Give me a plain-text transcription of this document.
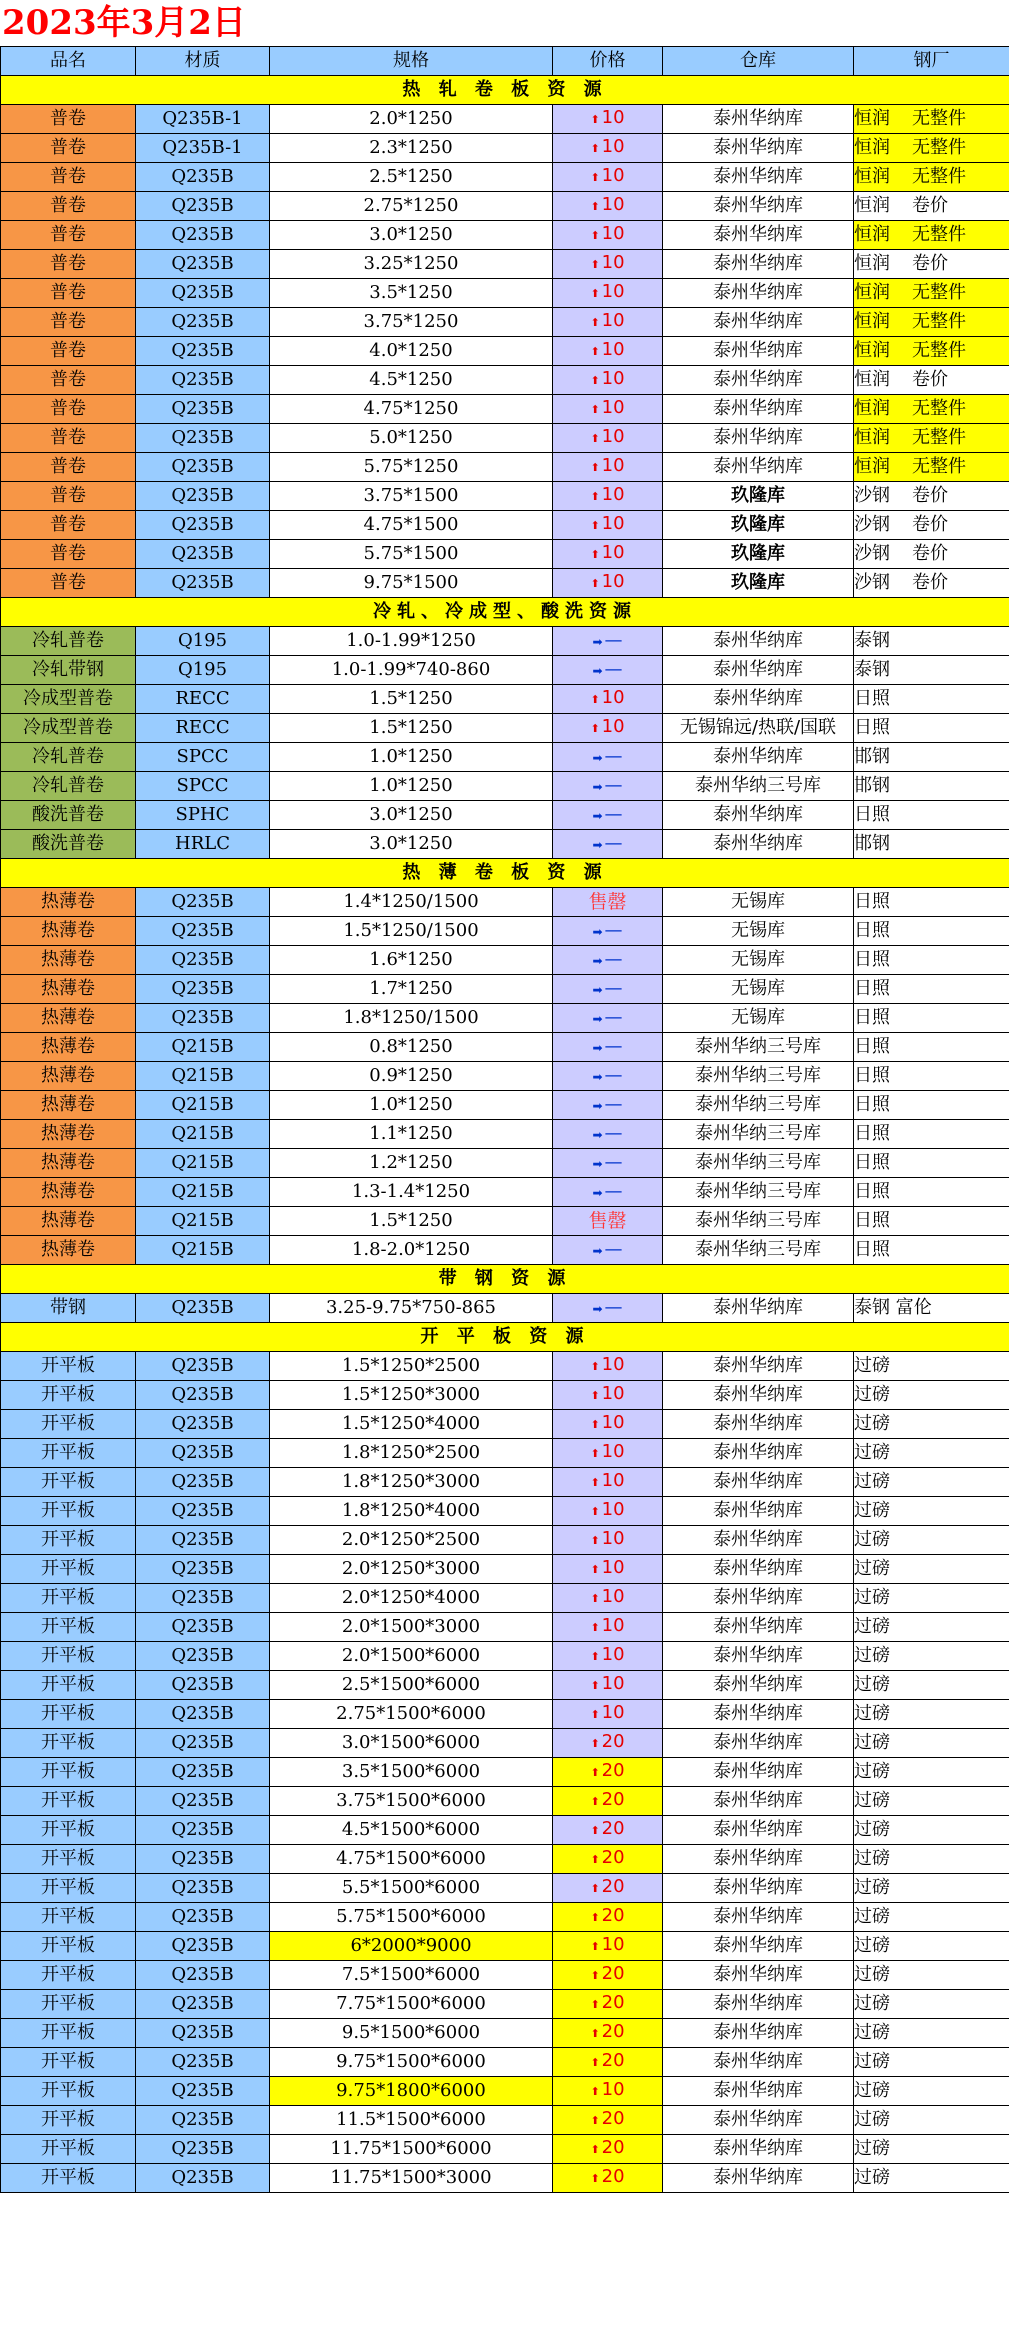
2023年3月2日
品名	材质	规格	价格	仓库	钢厂
热 轧 卷 板 资 源					
普卷	Q235B-1	2.0*1250	⬆ 10	泰州华纳库	恒润 无整件
普卷	Q235B-1	2.3*1250	⬆ 10	泰州华纳库	恒润 无整件
普卷	Q235B	2.5*1250	⬆ 10	泰州华纳库	恒润 无整件
普卷	Q235B	2.75*1250	⬆ 10	泰州华纳库	恒润 卷价
普卷	Q235B	3.0*1250	⬆ 10	泰州华纳库	恒润 无整件
普卷	Q235B	3.25*1250	⬆ 10	泰州华纳库	恒润 卷价
普卷	Q235B	3.5*1250	⬆ 10	泰州华纳库	恒润 无整件
普卷	Q235B	3.75*1250	⬆ 10	泰州华纳库	恒润 无整件
普卷	Q235B	4.0*1250	⬆ 10	泰州华纳库	恒润 无整件
普卷	Q235B	4.5*1250	⬆ 10	泰州华纳库	恒润 卷价
普卷	Q235B	4.75*1250	⬆ 10	泰州华纳库	恒润 无整件
普卷	Q235B	5.0*1250	⬆ 10	泰州华纳库	恒润 无整件
普卷	Q235B	5.75*1250	⬆ 10	泰州华纳库	恒润 无整件
普卷	Q235B	3.75*1500	⬆ 10	玖隆库	沙钢 卷价
普卷	Q235B	4.75*1500	⬆ 10	玖隆库	沙钢 卷价
普卷	Q235B	5.75*1500	⬆ 10	玖隆库	沙钢 卷价
普卷	Q235B	9.75*1500	⬆ 10	玖隆库	沙钢 卷价
冷轧、冷成型、酸洗资源					
冷轧普卷	Q195	1.0-1.99*1250	➡ —	泰州华纳库	泰钢
冷轧带钢	Q195	1.0-1.99*740-860	➡ —	泰州华纳库	泰钢
冷成型普卷	RECC	1.5*1250	⬆ 10	泰州华纳库	日照
冷成型普卷	RECC	1.5*1250	⬆ 10	无锡锦远/热联/国联	日照
冷轧普卷	SPCC	1.0*1250	➡ —	泰州华纳库	邯钢
冷轧普卷	SPCC	1.0*1250	➡ —	泰州华纳三号库	邯钢
酸洗普卷	SPHC	3.0*1250	➡ —	泰州华纳库	日照
酸洗普卷	HRLC	3.0*1250	➡ —	泰州华纳库	邯钢
热 薄 卷 板 资 源					
热薄卷	Q235B	1.4*1250/1500	售罄	无锡库	日照
热薄卷	Q235B	1.5*1250/1500	➡ —	无锡库	日照
热薄卷	Q235B	1.6*1250	➡ —	无锡库	日照
热薄卷	Q235B	1.7*1250	➡ —	无锡库	日照
热薄卷	Q235B	1.8*1250/1500	➡ —	无锡库	日照
热薄卷	Q215B	0.8*1250	➡ —	泰州华纳三号库	日照
热薄卷	Q215B	0.9*1250	➡ —	泰州华纳三号库	日照
热薄卷	Q215B	1.0*1250	➡ —	泰州华纳三号库	日照
热薄卷	Q215B	1.1*1250	➡ —	泰州华纳三号库	日照
热薄卷	Q215B	1.2*1250	➡ —	泰州华纳三号库	日照
热薄卷	Q215B	1.3-1.4*1250	➡ —	泰州华纳三号库	日照
热薄卷	Q215B	1.5*1250	售罄	泰州华纳三号库	日照
热薄卷	Q215B	1.8-2.0*1250	➡ —	泰州华纳三号库	日照
带 钢 资 源					
带钢	Q235B	3.25-9.75*750-865	➡ —	泰州华纳库	泰钢 富伦
开 平 板 资 源					
开平板	Q235B	1.5*1250*2500	⬆ 10	泰州华纳库	过磅
开平板	Q235B	1.5*1250*3000	⬆ 10	泰州华纳库	过磅
开平板	Q235B	1.5*1250*4000	⬆ 10	泰州华纳库	过磅
开平板	Q235B	1.8*1250*2500	⬆ 10	泰州华纳库	过磅
开平板	Q235B	1.8*1250*3000	⬆ 10	泰州华纳库	过磅
开平板	Q235B	1.8*1250*4000	⬆ 10	泰州华纳库	过磅
开平板	Q235B	2.0*1250*2500	⬆ 10	泰州华纳库	过磅
开平板	Q235B	2.0*1250*3000	⬆ 10	泰州华纳库	过磅
开平板	Q235B	2.0*1250*4000	⬆ 10	泰州华纳库	过磅
开平板	Q235B	2.0*1500*3000	⬆ 10	泰州华纳库	过磅
开平板	Q235B	2.0*1500*6000	⬆ 10	泰州华纳库	过磅
开平板	Q235B	2.5*1500*6000	⬆ 10	泰州华纳库	过磅
开平板	Q235B	2.75*1500*6000	⬆ 10	泰州华纳库	过磅
开平板	Q235B	3.0*1500*6000	⬆ 20	泰州华纳库	过磅
开平板	Q235B	3.5*1500*6000	⬆ 20	泰州华纳库	过磅
开平板	Q235B	3.75*1500*6000	⬆ 20	泰州华纳库	过磅
开平板	Q235B	4.5*1500*6000	⬆ 20	泰州华纳库	过磅
开平板	Q235B	4.75*1500*6000	⬆ 20	泰州华纳库	过磅
开平板	Q235B	5.5*1500*6000	⬆ 20	泰州华纳库	过磅
开平板	Q235B	5.75*1500*6000	⬆ 20	泰州华纳库	过磅
开平板	Q235B	6*2000*9000	⬆ 10	泰州华纳库	过磅
开平板	Q235B	7.5*1500*6000	⬆ 20	泰州华纳库	过磅
开平板	Q235B	7.75*1500*6000	⬆ 20	泰州华纳库	过磅
开平板	Q235B	9.5*1500*6000	⬆ 20	泰州华纳库	过磅
开平板	Q235B	9.75*1500*6000	⬆ 20	泰州华纳库	过磅
开平板	Q235B	9.75*1800*6000	⬆ 10	泰州华纳库	过磅
开平板	Q235B	11.5*1500*6000	⬆ 20	泰州华纳库	过磅
开平板	Q235B	11.75*1500*6000	⬆ 20	泰州华纳库	过磅
开平板	Q235B	11.75*1500*3000	⬆ 20	泰州华纳库	过磅
